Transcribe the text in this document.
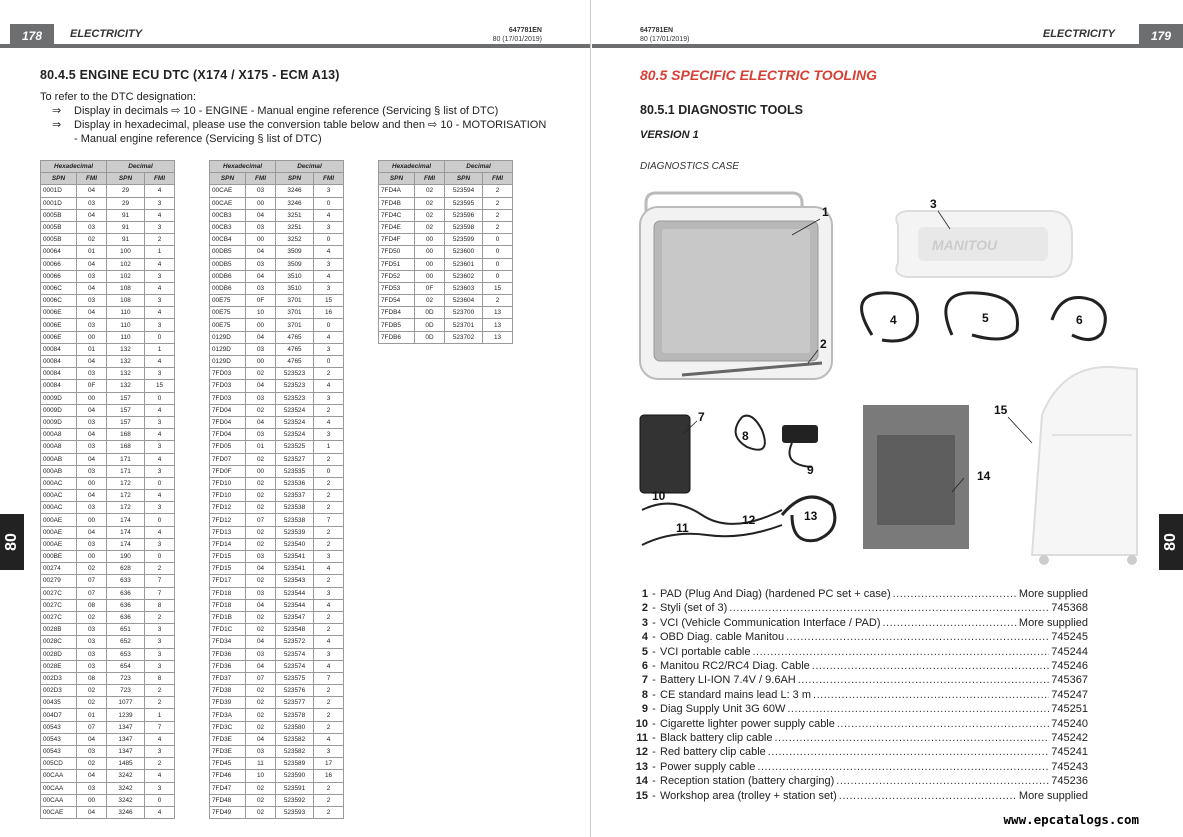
178	ELECTRICITY	647781EN
80 (17/01/2019)
80
80.4.5 ENGINE ECU DTC (X174 / X175 - ECM A13)
To refer to the DTC designation:
⇒	Display in decimals ⇨ 10 - ENGINE - Manual engine reference (Servicing § list of DTC)
⇒	Display in hexadecimal, please use the conversion table below and then ⇨ 10 - MOTORISATION
- Manual engine reference (Servicing § list of DTC)
Hexadecimal		Decimal	
SPN	FMI	SPN	FMI
0001D	04	29	4
0001D	03	29	3
0005B	04	91	4
0005B	03	91	3
0005B	02	91	2
00064	01	100	1
00066	04	102	4
00066	03	102	3
0006C	04	108	4
0006C	03	108	3
0006E	04	110	4
0006E	03	110	3
0006E	00	110	0
00084	01	132	1
00084	04	132	4
00084	03	132	3
00084	0F	132	15
0009D	00	157	0
0009D	04	157	4
0009D	03	157	3
000A8	04	168	4
000A8	03	168	3
000AB	04	171	4
000AB	03	171	3
000AC	00	172	0
000AC	04	172	4
000AC	03	172	3
000AE	00	174	0
000AE	04	174	4
000AE	03	174	3
000BE	00	190	0
00274	02	628	2
00279	07	633	7
0027C	07	636	7
0027C	08	636	8
0027C	02	636	2
0028B	03	651	3
0028C	03	652	3
0028D	03	653	3
0028E	03	654	3
002D3	08	723	8
002D3	02	723	2
00435	02	1077	2
004D7	01	1239	1
00543	07	1347	7
00543	04	1347	4
00543	03	1347	3
005CD	02	1485	2
00CAA	04	3242	4
00CAA	03	3242	3
00CAA	00	3242	0
00CAE	04	3246	4
Hexadecimal		Decimal	
SPN	FMI	SPN	FMI
00CAE	03	3246	3
00CAE	00	3246	0
00CB3	04	3251	4
00CB3	03	3251	3
00CB4	00	3252	0
00DB5	04	3509	4
00DB5	03	3509	3
00DB6	04	3510	4
00DB6	03	3510	3
00E75	0F	3701	15
00E75	10	3701	16
00E75	00	3701	0
0129D	04	4765	4
0129D	03	4765	3
0129D	00	4765	0
7FD03	02	523523	2
7FD03	04	523523	4
7FD03	03	523523	3
7FD04	02	523524	2
7FD04	04	523524	4
7FD04	03	523524	3
7FD05	01	523525	1
7FD07	02	523527	2
7FD0F	00	523535	0
7FD10	02	523536	2
7FD10	02	523537	2
7FD12	02	523538	2
7FD12	07	523538	7
7FD13	02	523539	2
7FD14	02	523540	2
7FD15	03	523541	3
7FD15	04	523541	4
7FD17	02	523543	2
7FD18	03	523544	3
7FD18	04	523544	4
7FD1B	02	523547	2
7FD1C	02	523548	2
7FD34	04	523572	4
7FD36	03	523574	3
7FD36	04	523574	4
7FD37	07	523575	7
7FD38	02	523576	2
7FD39	02	523577	2
7FD3A	02	523578	2
7FD3C	02	523580	2
7FD3E	04	523582	4
7FD3E	03	523582	3
7FD45	11	523589	17
7FD46	10	523590	16
7FD47	02	523591	2
7FD48	02	523592	2
7FD49	02	523593	2
Hexadecimal		Decimal	
SPN	FMI	SPN	FMI
7FD4A	02	523594	2
7FD4B	02	523595	2
7FD4C	02	523596	2
7FD4E	02	523598	2
7FD4F	00	523599	0
7FD50	00	523600	0
7FD51	00	523601	0
7FD52	00	523602	0
7FD53	0F	523603	15
7FD54	02	523604	2
7FDB4	0D	523700	13
7FDB5	0D	523701	13
7FDB6	0D	523702	13
647781EN
80 (17/01/2019)	ELECTRICITY	179
80
80.5 SPECIFIC ELECTRIC TOOLING
80.5.1 DIAGNOSTIC TOOLS
VERSION 1
DIAGNOSTICS CASE
MANITOU
1
2
3
4	5	6
7
8
9
10
11
13
14
15
12
1 - PAD (Plug And Diag) (hardened PC set + case) .....	More supplied
2 - Styli (set of 3) .....	745368
3 - VCI (Vehicle Communication Interface / PAD) .....	More supplied
4 - OBD Diag. cable Manitou .....	745245
5 - VCI portable cable .....	745244
6 - Manitou RC2/RC4 Diag. Cable .....	745246
7 - Battery LI-ION 7.4V / 9.6AH .....	745367
8 - CE standard mains lead L: 3 m .....	745247
9 - Diag Supply Unit 3G 60W .....	745251
10 - Cigarette lighter power supply cable .....	745240
11 - Black battery clip cable .....	745242
12 - Red battery clip cable .....	745241
13 - Power supply cable .....	745243
14 - Reception station (battery charging) .....	745236
15 - Workshop area (trolley + station set) .....	More supplied
www.epcatalogs.com
